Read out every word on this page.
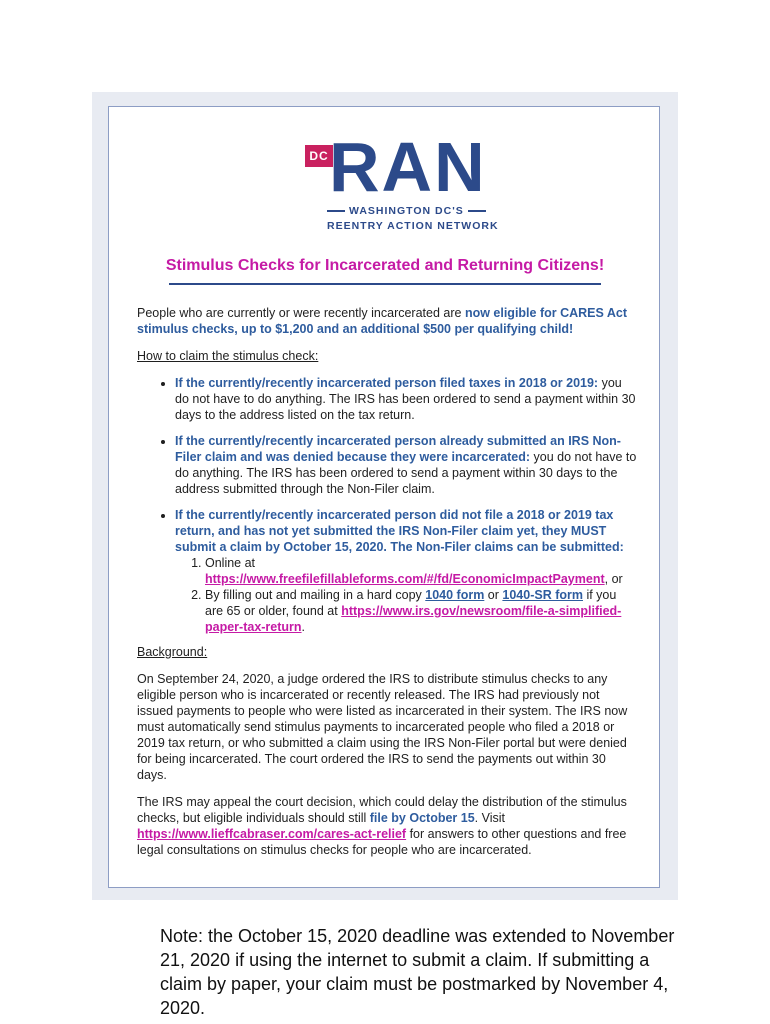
DC RAN
WASHINGTON DC'S
REENTRY ACTION NETWORK
Stimulus Checks for Incarcerated and Returning Citizens!

People who are currently or were recently incarcerated are now eligible for CARES Act stimulus checks, up to $1,200 and an additional $500 per qualifying child!

How to claim the stimulus check:

• If the currently/recently incarcerated person filed taxes in 2018 or 2019: you do not have to do anything. The IRS has been ordered to send a payment within 30 days to the address listed on the tax return.
• If the currently/recently incarcerated person already submitted an IRS Non-Filer claim and was denied because they were incarcerated: you do not have to do anything. The IRS has been ordered to send a payment within 30 days to the address submitted through the Non-Filer claim.
• If the currently/recently incarcerated person did not file a 2018 or 2019 tax return, and has not yet submitted the IRS Non-Filer claim yet, they MUST submit a claim by October 15, 2020. The Non-Filer claims can be submitted:
1. Online at
https://www.freefilefillableforms.com/#/fd/EconomicImpactPayment, or
2. By filling out and mailing in a hard copy 1040 form or 1040-SR form if you are 65 or older, found at https://www.irs.gov/newsroom/file-a-simplified-paper-tax-return.

Background:

On September 24, 2020, a judge ordered the IRS to distribute stimulus checks to any eligible person who is incarcerated or recently released. The IRS had previously not issued payments to people who were listed as incarcerated in their system. The IRS now must automatically send stimulus payments to incarcerated people who filed a 2018 or 2019 tax return, or who submitted a claim using the IRS Non-Filer portal but were denied for being incarcerated. The court ordered the IRS to send the payments out within 30 days.

The IRS may appeal the court decision, which could delay the distribution of the stimulus checks, but eligible individuals should still file by October 15. Visit https://www.lieffcabraser.com/cares-act-relief for answers to other questions and free legal consultations on stimulus checks for people who are incarcerated.

Note: the October 15, 2020 deadline was extended to November 21, 2020 if using the internet to submit a claim. If submitting a claim by paper, your claim must be postmarked by November 4, 2020.
